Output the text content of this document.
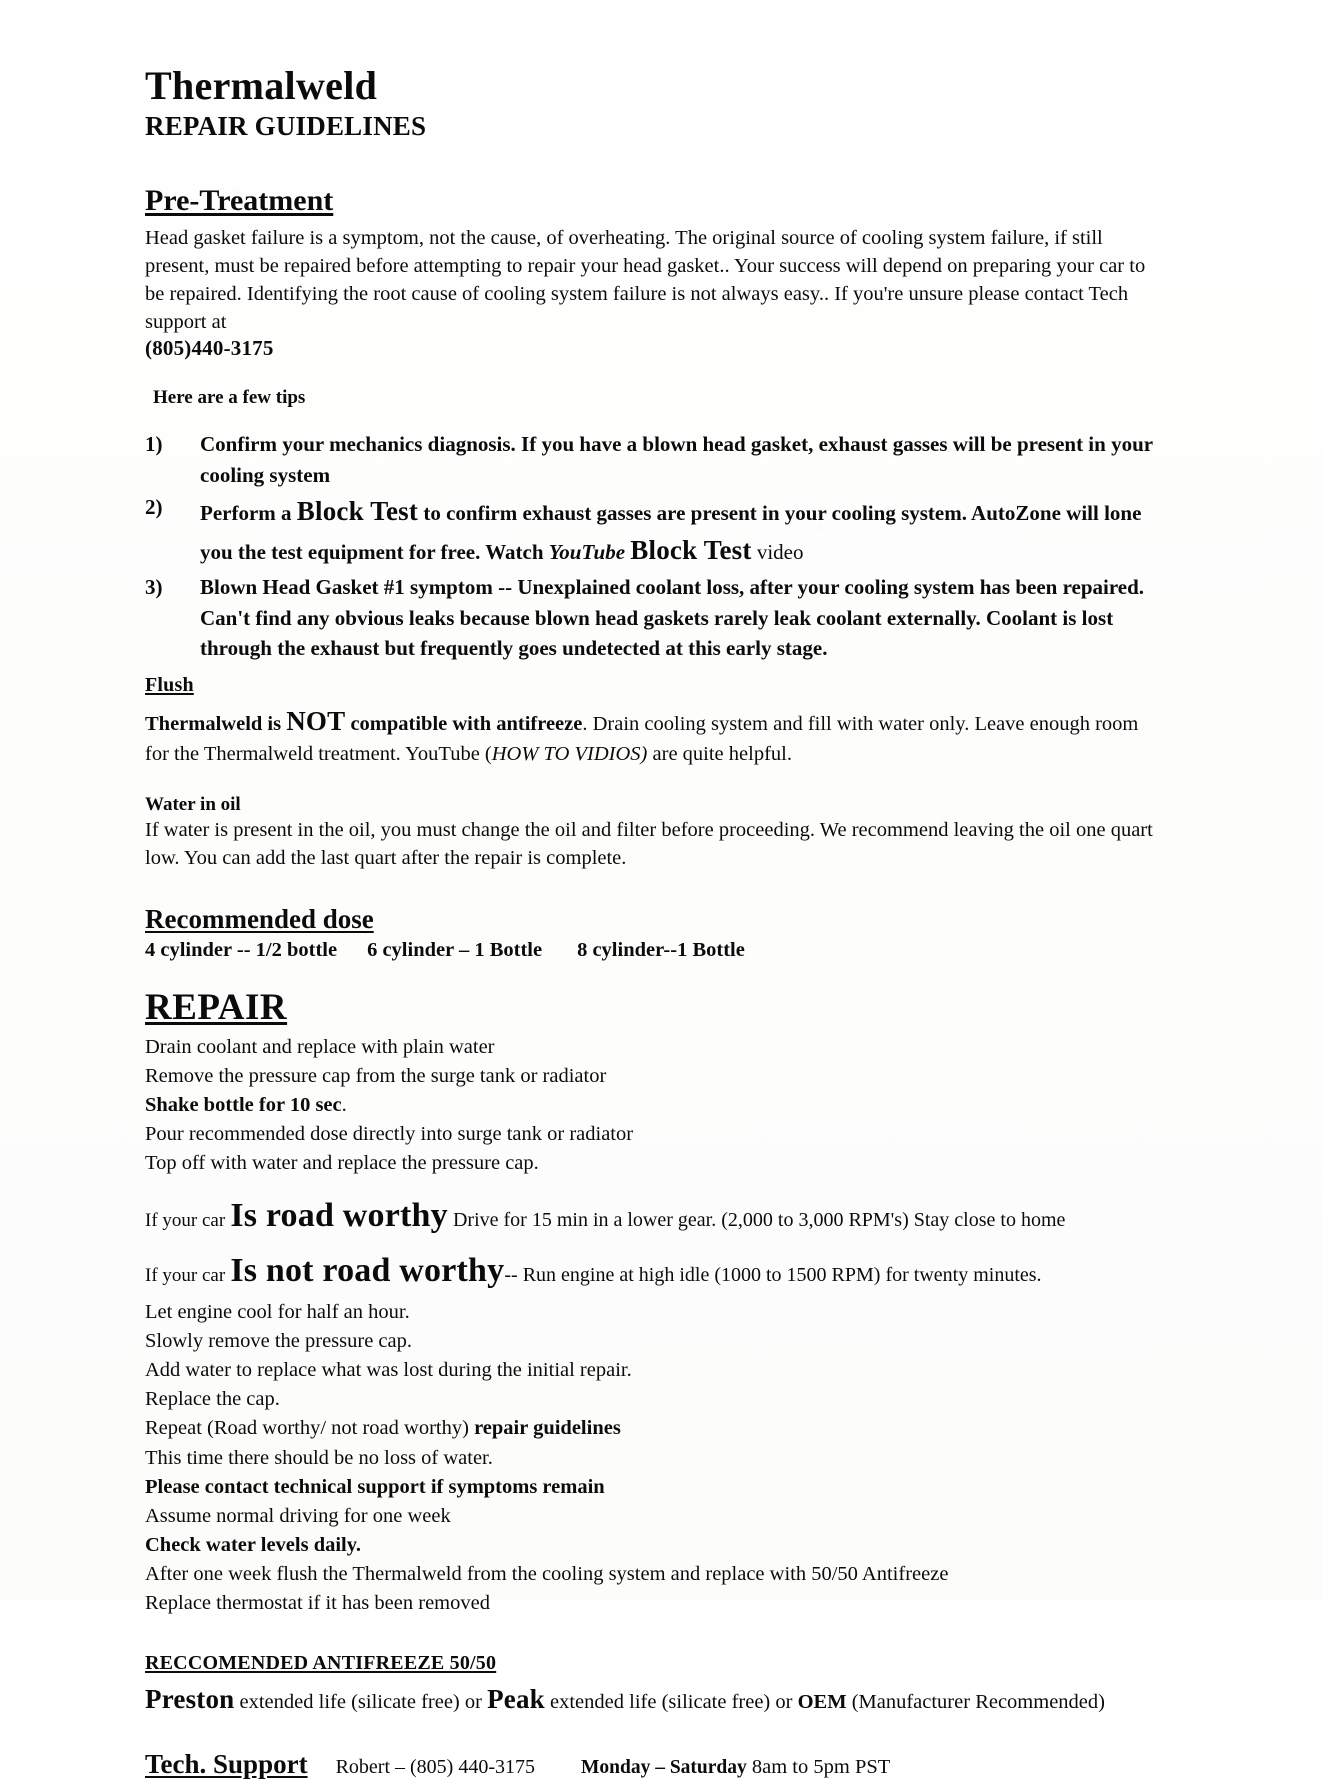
Thermalweld
REPAIR GUIDELINES
Pre-Treatment

Head gasket failure is a symptom, not the cause, of overheating. The original source of cooling system failure, if still present, must be repaired before attempting to repair your head gasket.. Your success will depend on preparing your car to be repaired. Identifying the root cause of cooling system failure is not always easy.. If you're unsure please contact Tech support at

(805)440-3175
Here are a few tips
1)	Confirm your mechanics diagnosis. If you have a blown head gasket, exhaust gasses will be present in your cooling system
2)	Perform a Block Test to confirm exhaust gasses are present in your cooling system. AutoZone will lone you the test equipment for free. Watch YouTube Block Test video
3)	Blown Head Gasket #1 symptom -- Unexplained coolant loss, after your cooling system has been repaired. Can't find any obvious leaks because blown head gaskets rarely leak coolant externally. Coolant is lost through the exhaust but frequently goes undetected at this early stage.
Flush

Thermalweld is NOT compatible with antifreeze. Drain cooling system and fill with water only. Leave enough room for the Thermalweld treatment. YouTube (HOW TO VIDIOS) are quite helpful.

Water in oil

If water is present in the oil, you must change the oil and filter before proceeding. We recommend leaving the oil one quart low. You can add the last quart after the repair is complete.

Recommended dose
4 cylinder -- 1/2 bottle 6 cylinder – 1 Bottle 8 cylinder--1 Bottle
REPAIR
Drain coolant and replace with plain water
Remove the pressure cap from the surge tank or radiator
Shake bottle for 10 sec.
Pour recommended dose directly into surge tank or radiator
Top off with water and replace the pressure cap.
If your car Is road worthy Drive for 15 min in a lower gear. (2,000 to 3,000 RPM's) Stay close to home
If your car Is not road worthy-- Run engine at high idle (1000 to 1500 RPM) for twenty minutes.
Let engine cool for half an hour.
Slowly remove the pressure cap.
Add water to replace what was lost during the initial repair.
Replace the cap.
Repeat (Road worthy/ not road worthy) repair guidelines
This time there should be no loss of water.
Please contact technical support if symptoms remain
Assume normal driving for one week
Check water levels daily.
After one week flush the Thermalweld from the cooling system and replace with 50/50 Antifreeze
Replace thermostat if it has been removed
RECCOMENDED ANTIFREEZE 50/50
Preston extended life (silicate free) or Peak extended life (silicate free) or OEM (Manufacturer Recommended)
Tech. Support Robert – (805) 440-3175 Monday – Saturday 8am to 5pm PST
